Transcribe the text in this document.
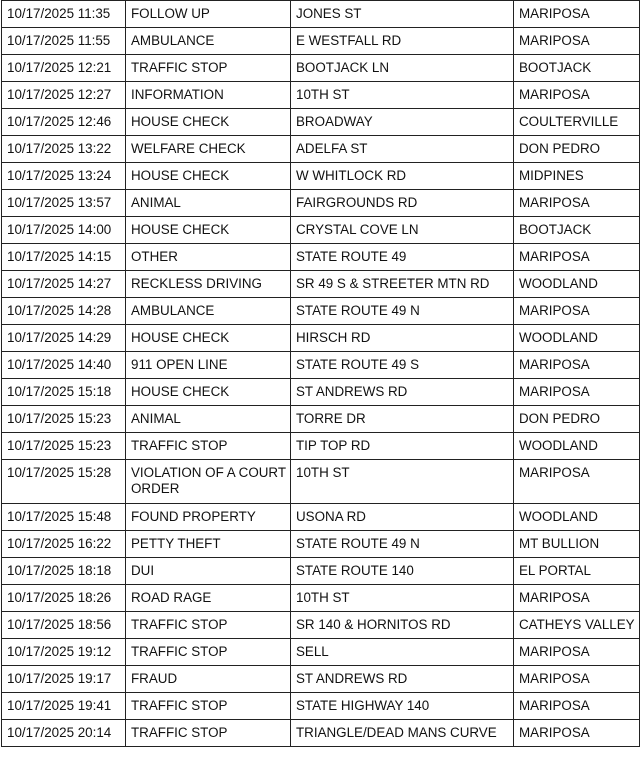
10/17/2025 11:35	FOLLOW UP	JONES ST	MARIPOSA
10/17/2025 11:55	AMBULANCE	E WESTFALL RD	MARIPOSA
10/17/2025 12:21	TRAFFIC STOP	BOOTJACK LN	BOOTJACK
10/17/2025 12:27	INFORMATION	10TH ST	MARIPOSA
10/17/2025 12:46	HOUSE CHECK	BROADWAY	COULTERVILLE
10/17/2025 13:22	WELFARE CHECK	ADELFA ST	DON PEDRO
10/17/2025 13:24	HOUSE CHECK	W WHITLOCK RD	MIDPINES
10/17/2025 13:57	ANIMAL	FAIRGROUNDS RD	MARIPOSA
10/17/2025 14:00	HOUSE CHECK	CRYSTAL COVE LN	BOOTJACK
10/17/2025 14:15	OTHER	STATE ROUTE 49	MARIPOSA
10/17/2025 14:27	RECKLESS DRIVING	SR 49 S & STREETER MTN RD	WOODLAND
10/17/2025 14:28	AMBULANCE	STATE ROUTE 49 N	MARIPOSA
10/17/2025 14:29	HOUSE CHECK	HIRSCH RD	WOODLAND
10/17/2025 14:40	911 OPEN LINE	STATE ROUTE 49 S	MARIPOSA
10/17/2025 15:18	HOUSE CHECK	ST ANDREWS RD	MARIPOSA
10/17/2025 15:23	ANIMAL	TORRE DR	DON PEDRO
10/17/2025 15:23	TRAFFIC STOP	TIP TOP RD	WOODLAND
10/17/2025 15:28	VIOLATION OF A COURT ORDER	10TH ST	MARIPOSA
10/17/2025 15:48	FOUND PROPERTY	USONA RD	WOODLAND
10/17/2025 16:22	PETTY THEFT	STATE ROUTE 49 N	MT BULLION
10/17/2025 18:18	DUI	STATE ROUTE 140	EL PORTAL
10/17/2025 18:26	ROAD RAGE	10TH ST	MARIPOSA
10/17/2025 18:56	TRAFFIC STOP	SR 140 & HORNITOS RD	CATHEYS VALLEY
10/17/2025 19:12	TRAFFIC STOP	SELL	MARIPOSA
10/17/2025 19:17	FRAUD	ST ANDREWS RD	MARIPOSA
10/17/2025 19:41	TRAFFIC STOP	STATE HIGHWAY 140	MARIPOSA
10/17/2025 20:14	TRAFFIC STOP	TRIANGLE/DEAD MANS CURVE	MARIPOSA
